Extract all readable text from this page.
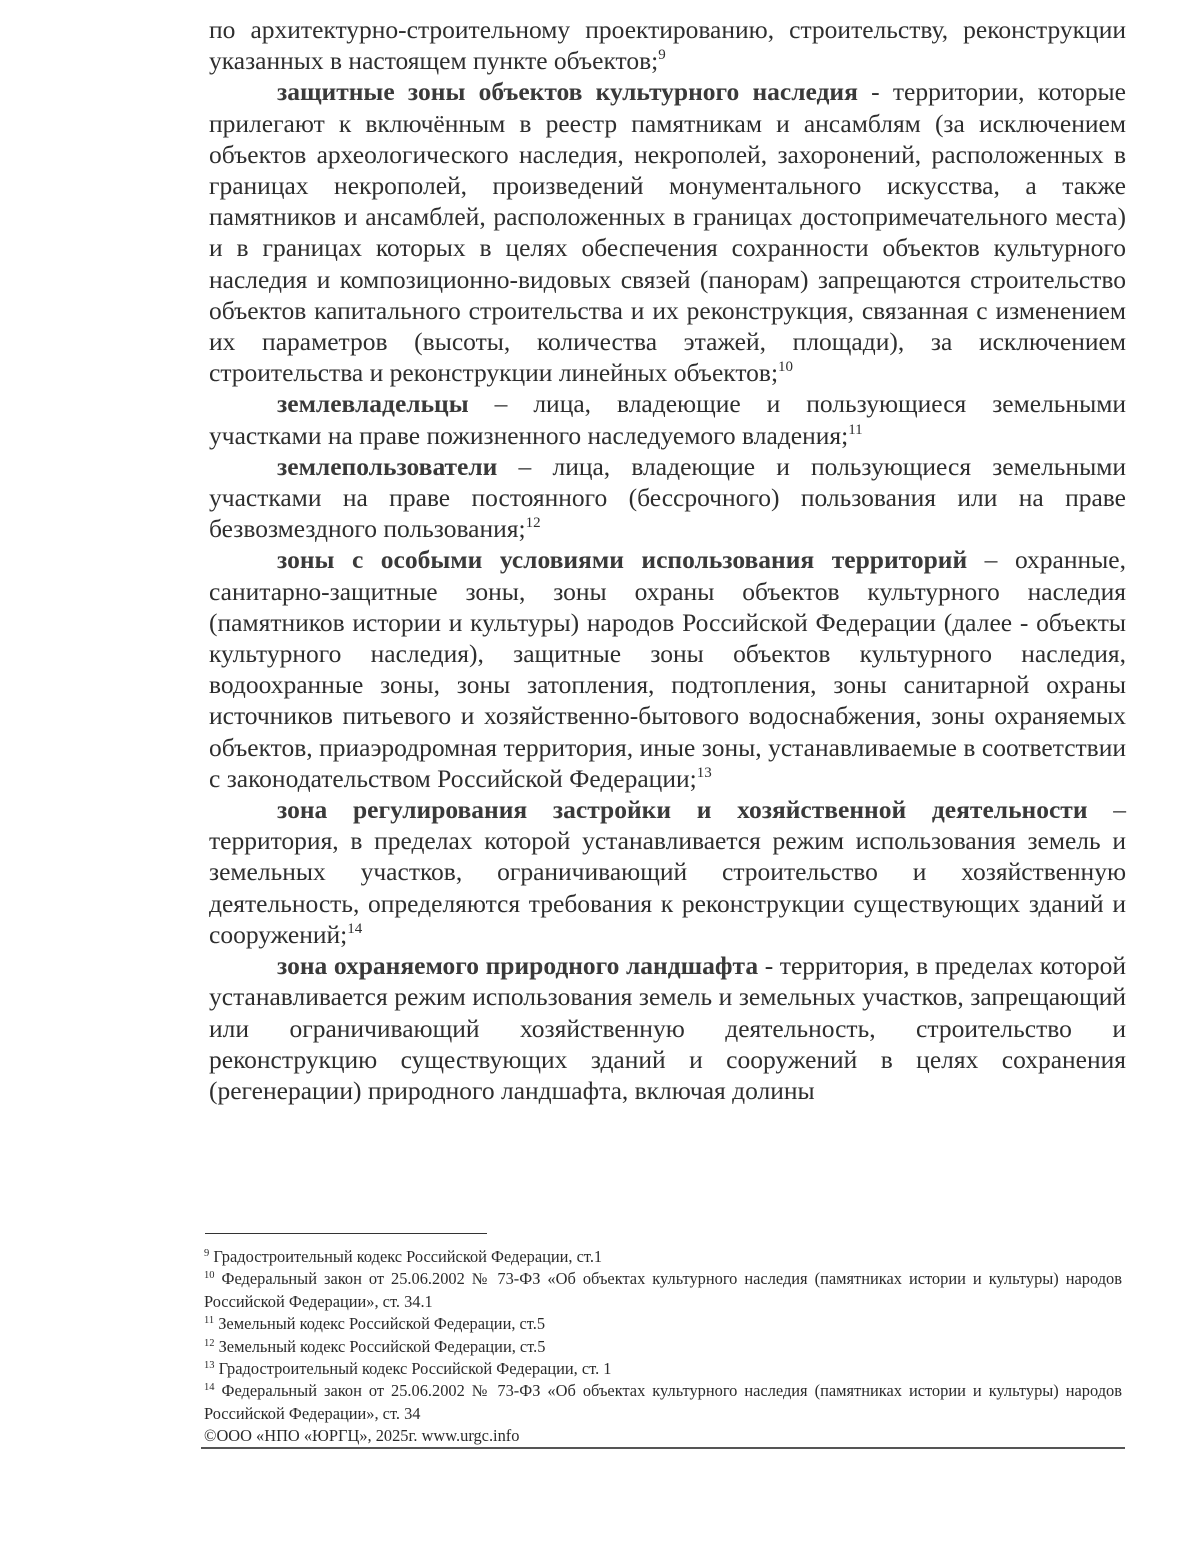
по архитектурно-строительному проектированию, строительству, реконструкции указанных в настоящем пункте объектов;$^9$

защитные зоны объектов культурного наследия - территории, которые прилегают к включённым в реестр памятникам и ансамблям (за исключением объектов археологического наследия, некрополей, захоронений, расположенных в границах некрополей, произведений монументального искусства, а также памятников и ансамблей, расположенных в границах достопримечательного места) и в границах которых в целях обеспечения сохранности объектов культурного наследия и композиционно-видовых связей (панорам) запрещаются строительство объектов капитального строительства и их реконструкция, связанная с изменением их параметров (высоты, количества этажей, площади), за исключением строительства и реконструкции линейных объектов;$^{10}$

землевладельцы – лица, владеющие и пользующиеся земельными участками на праве пожизненного наследуемого владения;$^{11}$

землепользователи – лица, владеющие и пользующиеся земельными участками на праве постоянного (бессрочного) пользования или на праве безвозмездного пользования;$^{12}$

зоны с особыми условиями использования территорий – охранные, санитарно-защитные зоны, зоны охраны объектов культурного наследия (памятников истории и культуры) народов Российской Федерации (далее - объекты культурного наследия), защитные зоны объектов культурного наследия, водоохранные зоны, зоны затопления, подтопления, зоны санитарной охраны источников питьевого и хозяйственно-бытового водоснабжения, зоны охраняемых объектов, приаэродромная территория, иные зоны, устанавливаемые в соответствии с законодательством Российской Федерации;$^{13}$

зона регулирования застройки и хозяйственной деятельности – территория, в пределах которой устанавливается режим использования земель и земельных участков, ограничивающий строительство и хозяйственную деятельность, определяются требования к реконструкции существующих зданий и сооружений;$^{14}$

зона охраняемого природного ландшафта - территория, в пределах которой устанавливается режим использования земель и земельных участков, запрещающий или ограничивающий хозяйственную деятельность, строительство и реконструкцию существующих зданий и сооружений в целях сохранения (регенерации) природного ландшафта, включая долины

$^9$ Градостроительный кодекс Российской Федерации, ст.1

$^{10}$ Федеральный закон от 25.06.2002 № 73-ФЗ «Об объектах культурного наследия (памятниках истории и культуры) народов Российской Федерации», ст. 34.1

$^{11}$ Земельный кодекс Российской Федерации, ст.5

$^{12}$ Земельный кодекс Российской Федерации, ст.5

$^{13}$ Градостроительный кодекс Российской Федерации, ст. 1

$^{14}$ Федеральный закон от 25.06.2002 № 73-ФЗ «Об объектах культурного наследия (памятниках истории и культуры) народов Российской Федерации», ст. 34

©ООО «НПО «ЮРГЦ», 2025г. www.urgc.info
